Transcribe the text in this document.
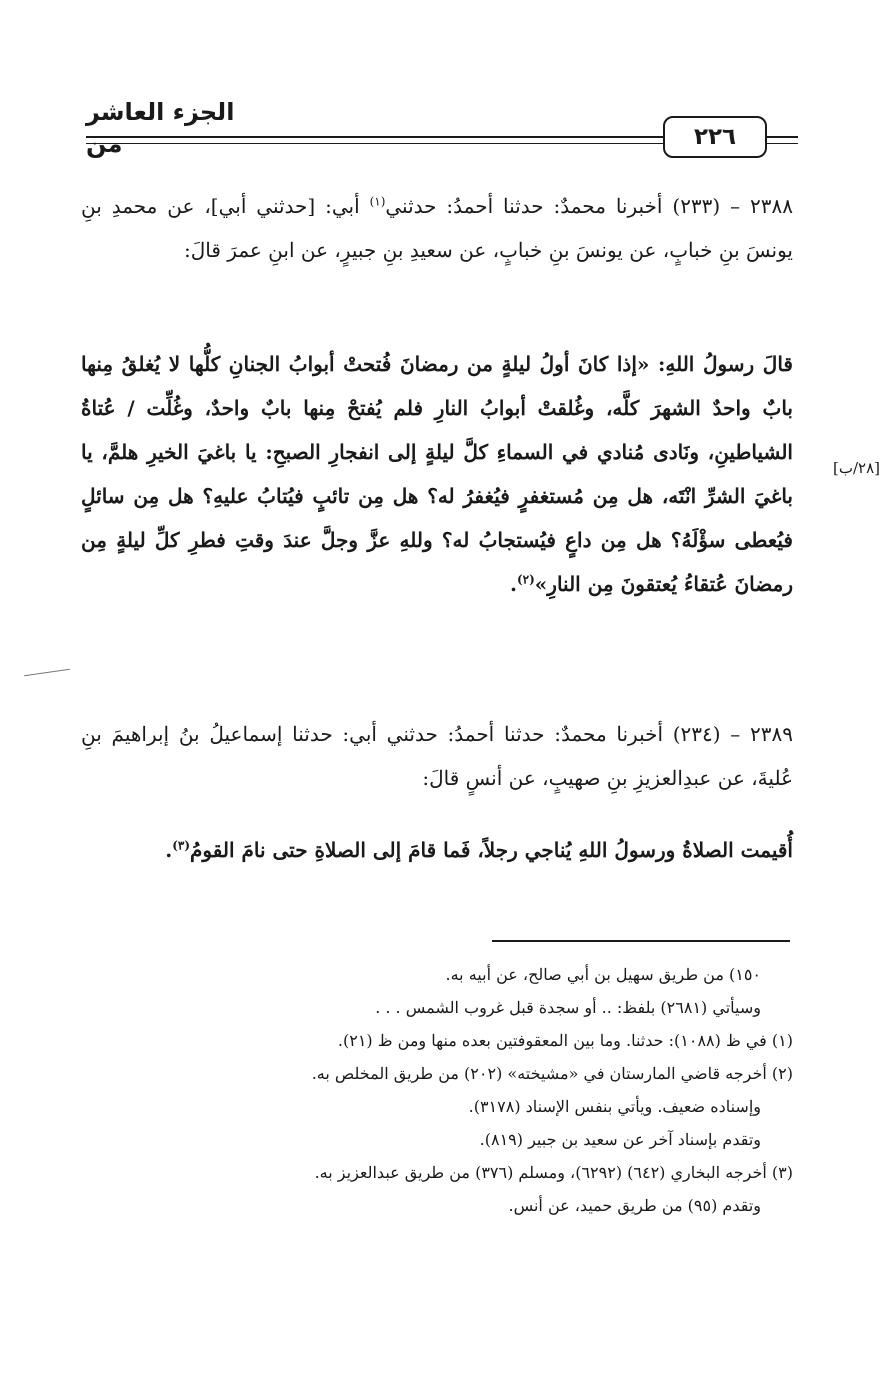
الجزء العاشر من	٢٢٦
[٢٨/ب]
٢٣٨٨ – (٢٣٣) أخبرنا محمدٌ: حدثنا أحمدُ: حدثني$^{(١)}$ أبي: [حدثني أبي]، عن محمدِ بنِ يونسَ بنِ خبابٍ، عن يونسَ بنِ خبابٍ، عن سعيدِ بنِ جبيرٍ، عن ابنِ عمرَ قالَ:
قالَ رسولُ اللهِ: «إذا كانَ أولُ ليلةٍ من رمضانَ فُتحتْ أبوابُ الجنانِ كلُّها لا يُغلقُ مِنها بابٌ واحدٌ الشهرَ كلَّه، وغُلقتْ أبوابُ النارِ فلم يُفتحْ مِنها بابٌ واحدٌ، وغُلِّت / عُتاةُ الشياطينِ، ونَادى مُنادي في السماءِ كلَّ ليلةٍ إلى انفجارِ الصبحِ: يا باغيَ الخيرِ هلمَّ، يا باغيَ الشرِّ انْتَه، هل مِن مُستغفرٍ فيُغفرُ له؟ هل مِن تائبٍ فيُتابُ عليهِ؟ هل مِن سائلٍ فيُعطى سؤْلَهُ؟ هل مِن داعٍ فيُستجابُ له؟ وللهِ عزَّ وجلَّ عندَ وقتِ فطرِ كلِّ ليلةٍ مِن رمضانَ عُتقاءُ يُعتقونَ مِن النارِ»$^{(٢)}$.
٢٣٨٩ – (٢٣٤) أخبرنا محمدٌ: حدثنا أحمدُ: حدثني أبي: حدثنا إسماعيلُ بنُ إبراهيمَ بنِ عُليةَ، عن عبدِالعزيزِ بنِ صهيبٍ، عن أنسٍ قالَ:
أُقيمت الصلاةُ ورسولُ اللهِ يُناجي رجلاً، فَما قامَ إلى الصلاةِ حتى نامَ القومُ$^{(٣)}$.
١٥٠) من طريق سهيل بن أبي صالح، عن أبيه به.
وسيأتي (٢٦٨١) بلفظ: .. أو سجدة قبل غروب الشمس . . .
(١) في ظ (١٠٨٨): حدثنا. وما بين المعقوفتين بعده منها ومن ظ (٢١).
(٢) أخرجه قاضي المارستان في «مشيخته» (٢٠٢) من طريق المخلص به.
وإسناده ضعيف. ويأتي بنفس الإسناد (٣١٧٨).
وتقدم بإسناد آخر عن سعيد بن جبير (٨١٩).
(٣) أخرجه البخاري (٦٤٢) (٦٢٩٢)، ومسلم (٣٧٦) من طريق عبدالعزيز به.
وتقدم (٩٥) من طريق حميد، عن أنس.
